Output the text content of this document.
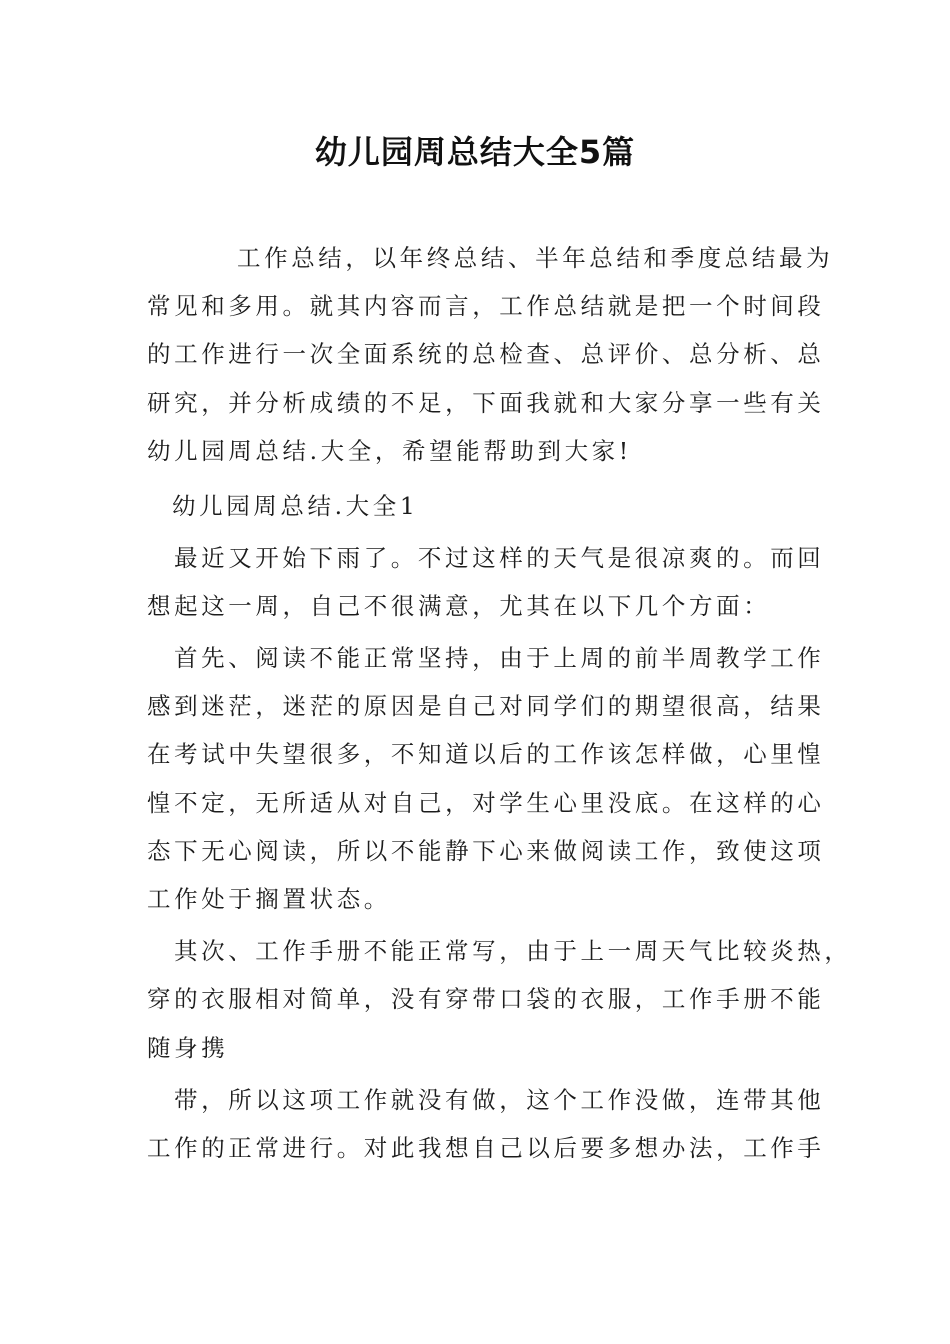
幼儿园周总结大全5篇
工作总结，以年终总结、半年总结和季度总结最为
常见和多用。就其内容而言，工作总结就是把一个时间段
的工作进行一次全面系统的总检查、总评价、总分析、总
研究，并分析成绩的不足，下面我就和大家分享一些有关
幼儿园周总结.大全，希望能帮助到大家!
幼儿园周总结.大全1
最近又开始下雨了。不过这样的天气是很凉爽的。而回
想起这一周，自己不很满意，尤其在以下几个方面：
首先、阅读不能正常坚持，由于上周的前半周教学工作
感到迷茫，迷茫的原因是自己对同学们的期望很高，结果
在考试中失望很多，不知道以后的工作该怎样做，心里惶
惶不定，无所适从对自己，对学生心里没底。在这样的心
态下无心阅读，所以不能静下心来做阅读工作，致使这项
工作处于搁置状态。
其次、工作手册不能正常写，由于上一周天气比较炎热，
穿的衣服相对简单，没有穿带口袋的衣服，工作手册不能
随身携
带，所以这项工作就没有做，这个工作没做，连带其他
工作的正常进行。对此我想自己以后要多想办法，工作手
